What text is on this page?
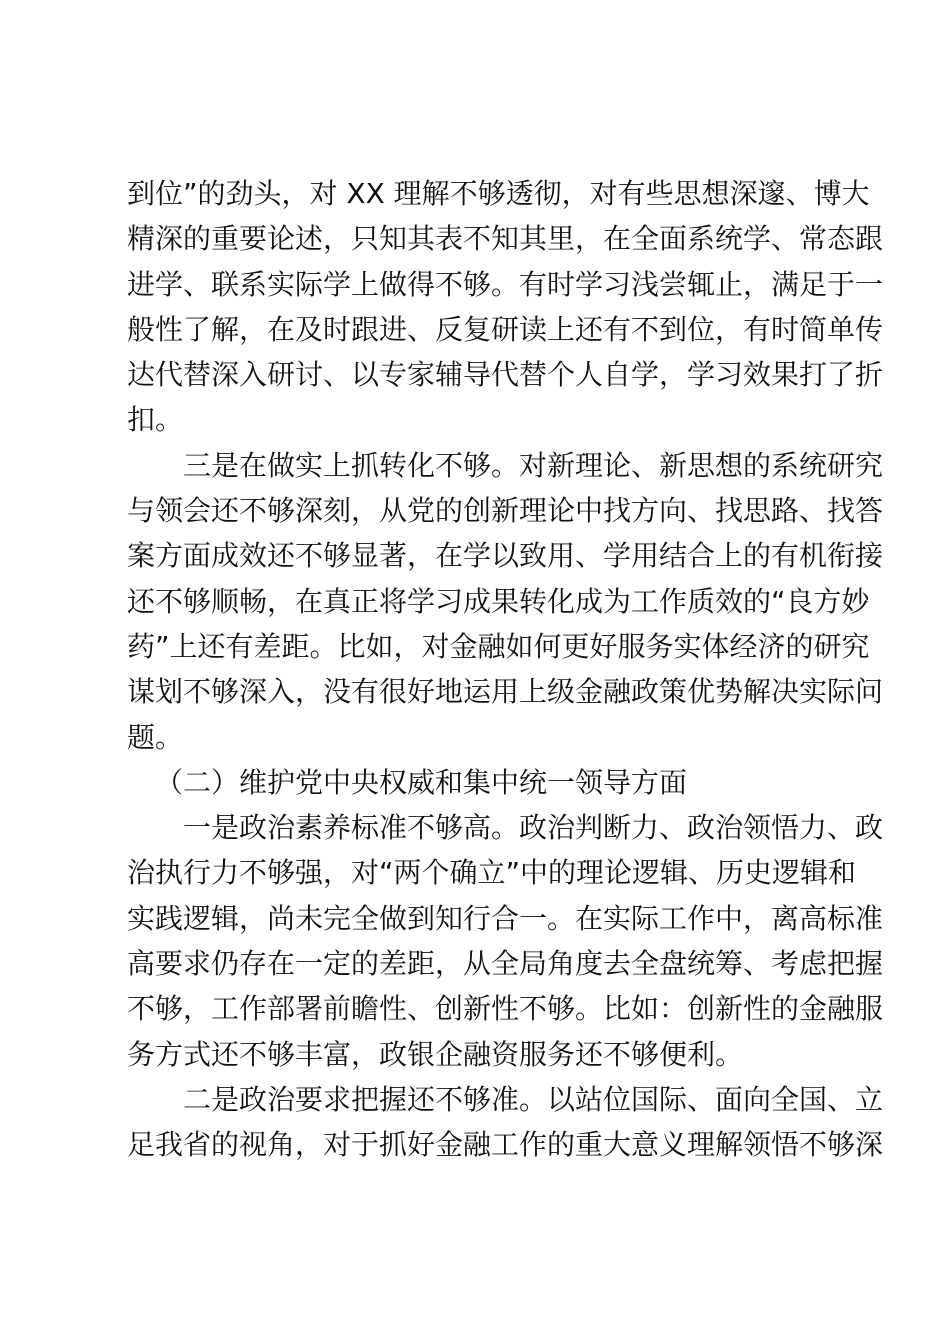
到位”的劲头，对 XX 理解不够透彻，对有些思想深邃、博大
精深的重要论述，只知其表不知其里，在全面系统学、常态跟
进学、联系实际学上做得不够。有时学习浅尝辄止，满足于一
般性了解，在及时跟进、反复研读上还有不到位，有时简单传
达代替深入研讨、以专家辅导代替个人自学，学习效果打了折
扣。
三是在做实上抓转化不够。对新理论、新思想的系统研究
与领会还不够深刻，从党的创新理论中找方向、找思路、找答
案方面成效还不够显著，在学以致用、学用结合上的有机衔接
还不够顺畅，在真正将学习成果转化成为工作质效的“良方妙
药”上还有差距。比如，对金融如何更好服务实体经济的研究
谋划不够深入，没有很好地运用上级金融政策优势解决实际问
题。
（二）维护党中央权威和集中统一领导方面
一是政治素养标准不够高。政治判断力、政治领悟力、政
治执行力不够强，对“两个确立”中的理论逻辑、历史逻辑和
实践逻辑，尚未完全做到知行合一。在实际工作中，离高标准
高要求仍存在一定的差距，从全局角度去全盘统筹、考虑把握
不够，工作部署前瞻性、创新性不够。比如：创新性的金融服
务方式还不够丰富，政银企融资服务还不够便利。
二是政治要求把握还不够准。以站位国际、面向全国、立
足我省的视角，对于抓好金融工作的重大意义理解领悟不够深
